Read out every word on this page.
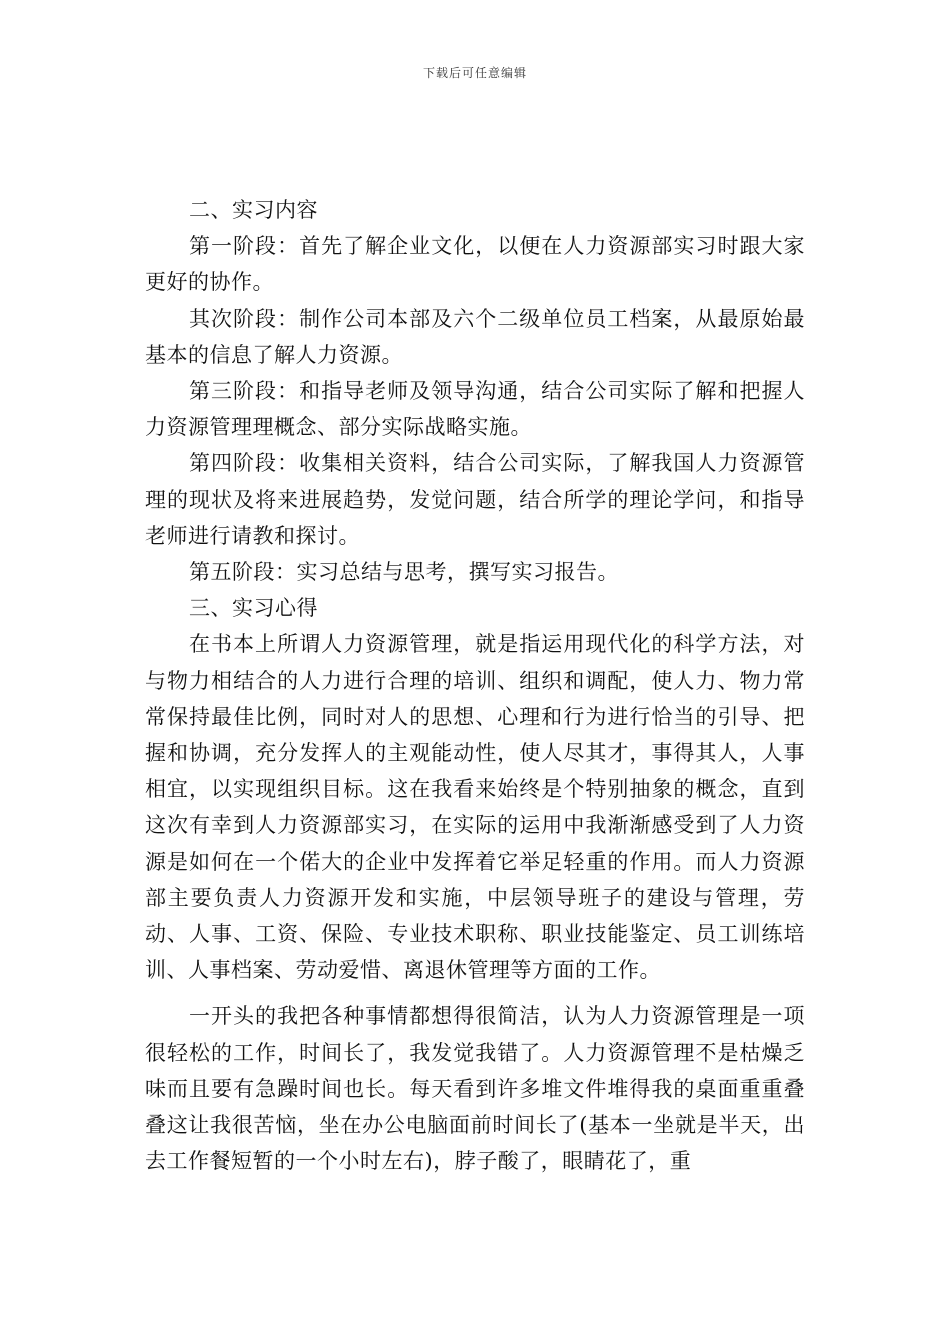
下载后可任意编辑

二、实习内容

第一阶段：首先了解企业文化，以便在人力资源部实习时跟大家更好的协作。

其次阶段：制作公司本部及六个二级单位员工档案，从最原始最基本的信息了解人力资源。

第三阶段：和指导老师及领导沟通，结合公司实际了解和把握人力资源管理理概念、部分实际战略实施。

第四阶段：收集相关资料，结合公司实际，了解我国人力资源管理的现状及将来进展趋势，发觉问题，结合所学的理论学问，和指导老师进行请教和探讨。

第五阶段：实习总结与思考，撰写实习报告。

三、实习心得

在书本上所谓人力资源管理，就是指运用现代化的科学方法，对与物力相结合的人力进行合理的培训、组织和调配，使人力、物力常常保持最佳比例，同时对人的思想、心理和行为进行恰当的引导、把握和协调，充分发挥人的主观能动性，使人尽其才，事得其人，人事相宜，以实现组织目标。这在我看来始终是个特别抽象的概念，直到这次有幸到人力资源部实习，在实际的运用中我渐渐感受到了人力资源是如何在一个偌大的企业中发挥着它举足轻重的作用。而人力资源部主要负责人力资源开发和实施，中层领导班子的建设与管理，劳动、人事、工资、保险、专业技术职称、职业技能鉴定、员工训练培训、人事档案、劳动爱惜、离退休管理等方面的工作。

一开头的我把各种事情都想得很简洁，认为人力资源管理是一项很轻松的工作，时间长了，我发觉我错了。人力资源管理不是枯燥乏味而且要有急躁时间也长。每天看到许多堆文件堆得我的桌面重重叠叠这让我很苦恼，坐在办公电脑面前时间长了(基本一坐就是半天，出去工作餐短暂的一个小时左右)，脖子酸了，眼睛花了，重
